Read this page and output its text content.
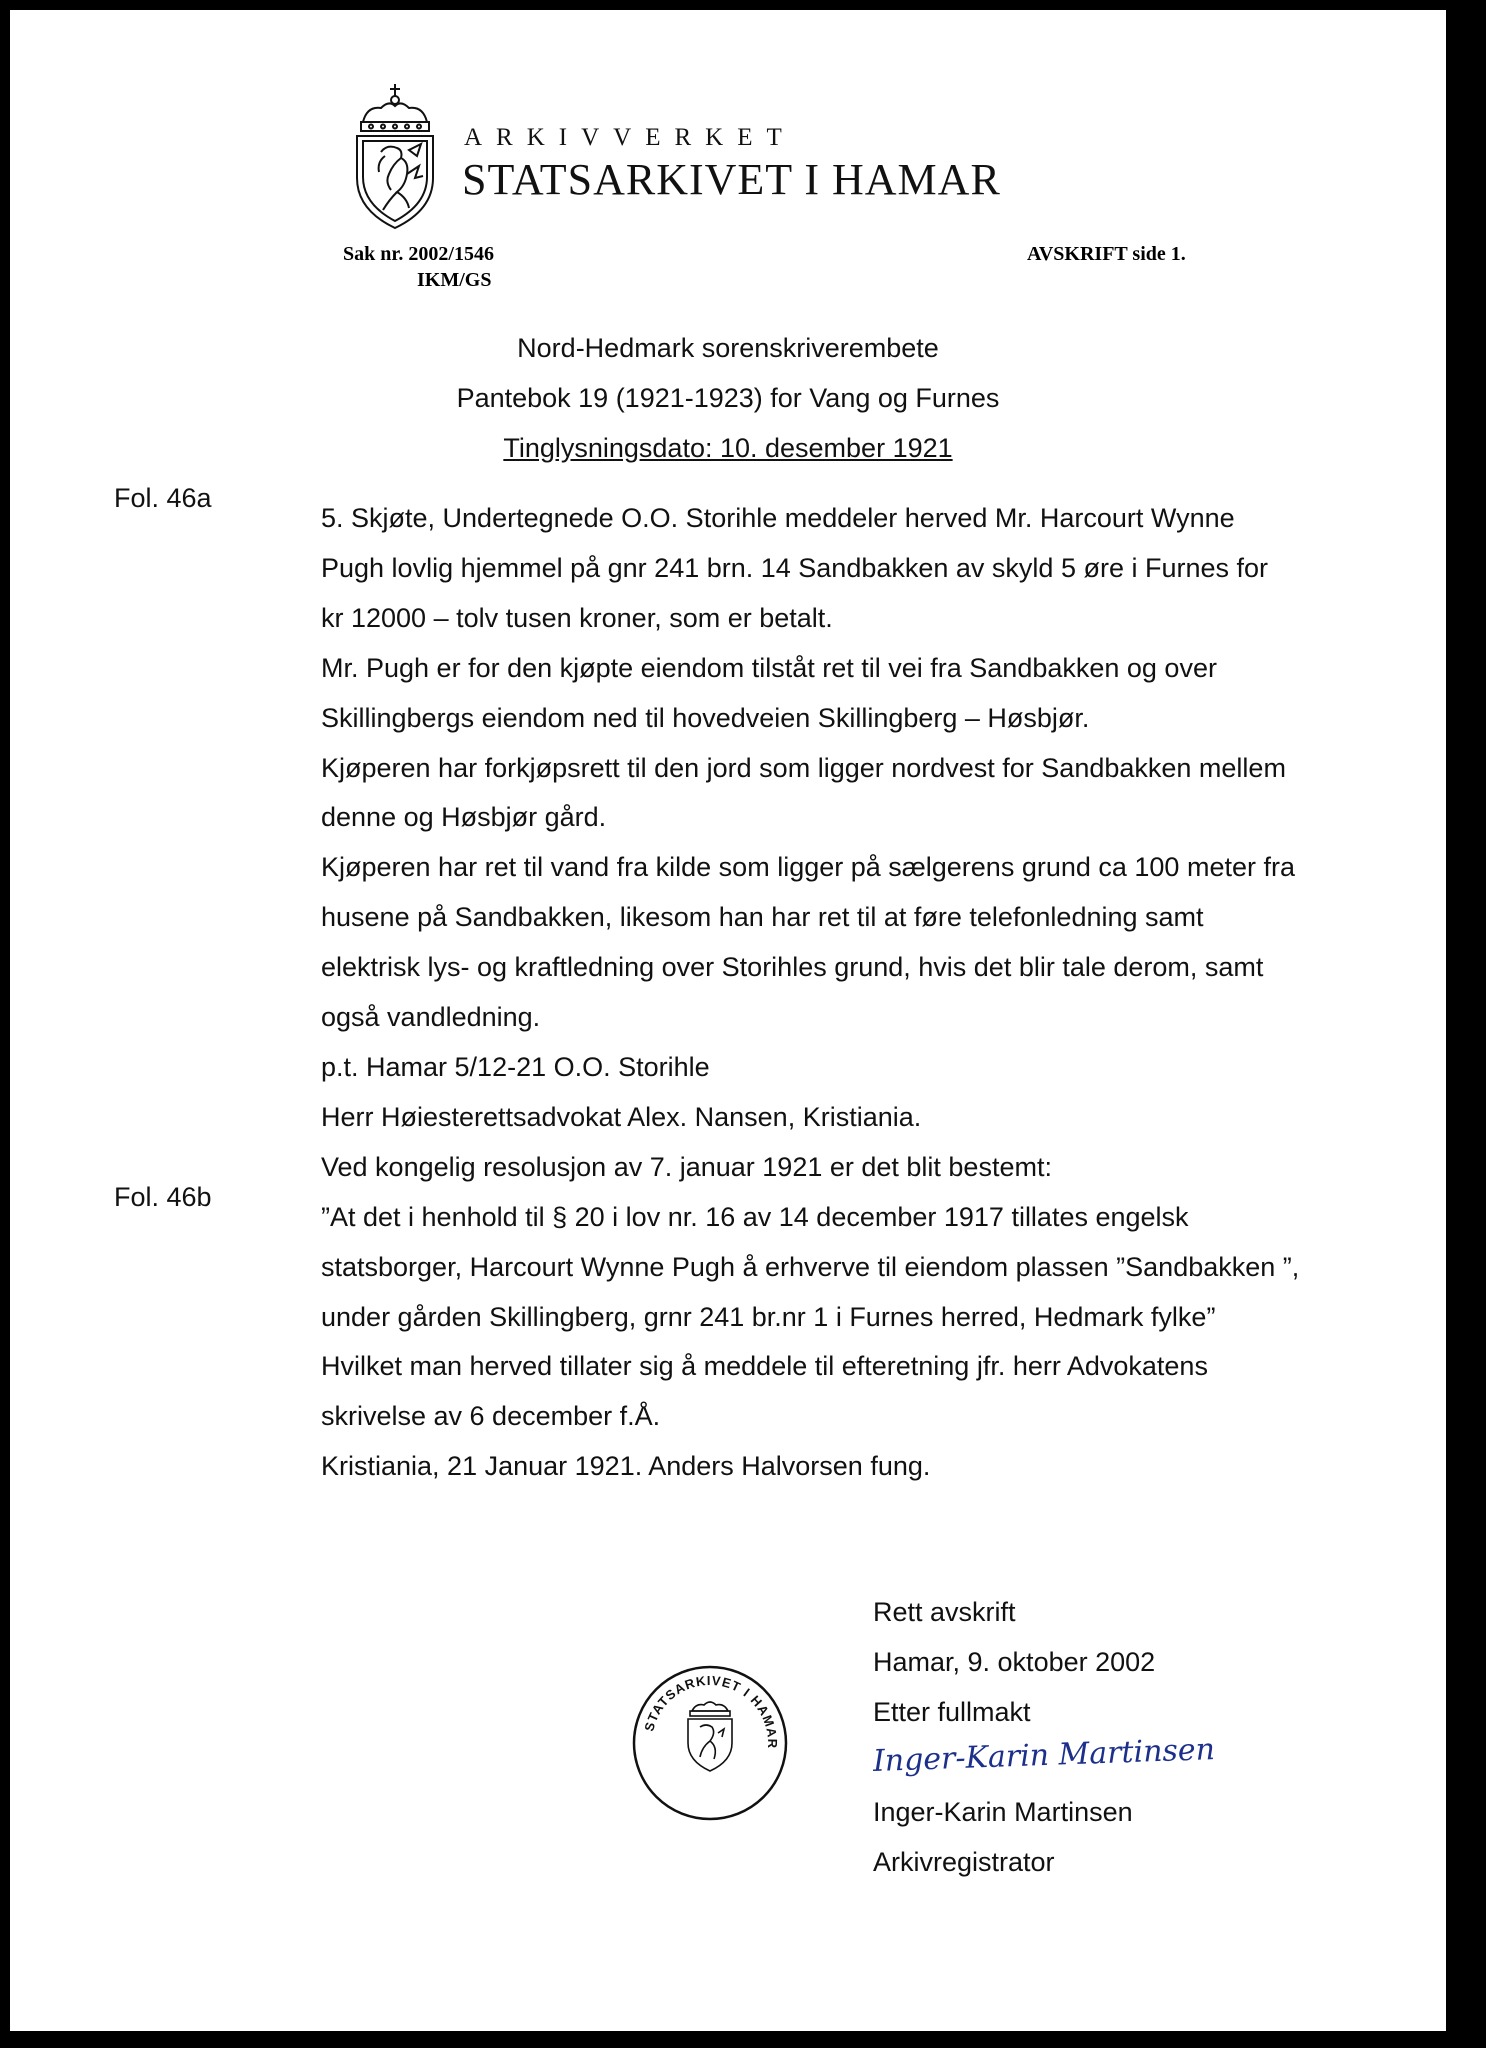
ARKIVVERKET
STATSARKIVET I HAMAR
Sak nr. 2002/1546
IKM/GS
AVSKRIFT side 1.
Nord-Hedmark sorenskriverembete
Pantebok 19 (1921-1923) for Vang og Furnes
Tinglysningsdato: 10. desember 1921
Fol. 46a
Fol. 46b

5. Skjøte, Undertegnede O.O. Storihle meddeler herved Mr. Harcourt Wynne

Pugh lovlig hjemmel på gnr 241 brn. 14 Sandbakken av skyld 5 øre i Furnes for

kr 12000 – tolv tusen kroner, som er betalt.

Mr. Pugh er for den kjøpte eiendom tilståt ret til vei fra Sandbakken og over

Skillingbergs eiendom ned til hovedveien Skillingberg – Høsbjør.

Kjøperen har forkjøpsrett til den jord som ligger nordvest for Sandbakken mellem

denne og Høsbjør gård.

Kjøperen har ret til vand fra kilde som ligger på sælgerens grund ca 100 meter fra

husene på Sandbakken, likesom han har ret til at føre telefonledning samt

elektrisk lys- og kraftledning over Storihles grund, hvis det blir tale derom, samt

også vandledning.

p.t. Hamar 5/12-21 O.O. Storihle

Herr Høiesterettsadvokat Alex. Nansen, Kristiania.

Ved kongelig resolusjon av 7. januar 1921 er det blit bestemt:

”At det i henhold til § 20 i lov nr. 16 av 14 december 1917 tillates engelsk

statsborger, Harcourt Wynne Pugh å erhverve til eiendom plassen ”Sandbakken ”,

under gården Skillingberg, grnr 241 br.nr 1 i Furnes herred, Hedmark fylke”

Hvilket man herved tillater sig å meddele til efteretning jfr. herr Advokatens

skrivelse av 6 december f.Å.

Kristiania, 21 Januar 1921. Anders Halvorsen fung.

STATSARKIVET I HAMAR

Rett avskrift

Hamar, 9. oktober 2002

Etter fullmakt

Inger-Karin Martinsen

Inger-Karin Martinsen

Arkivregistrator
